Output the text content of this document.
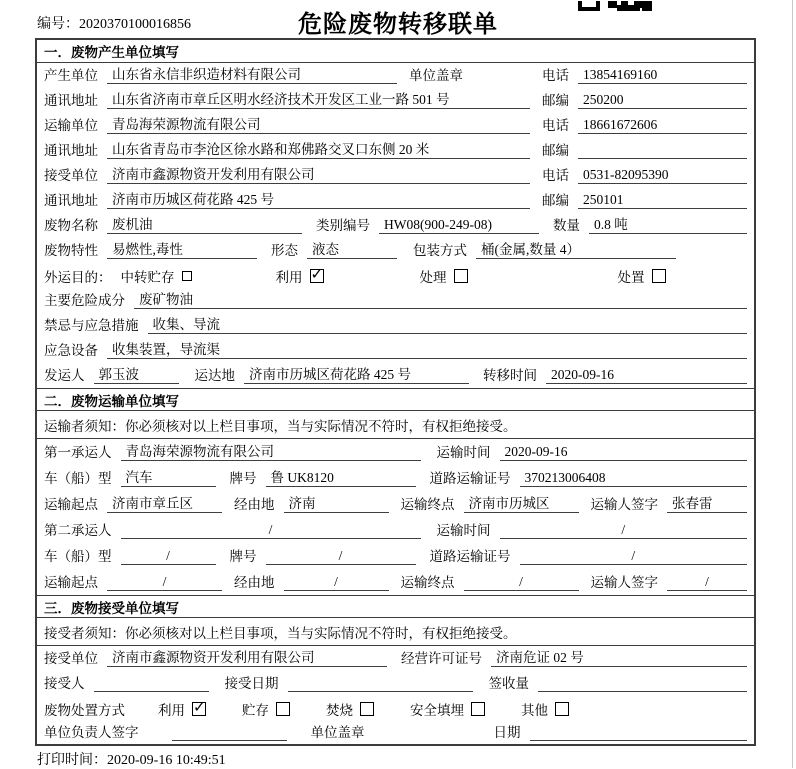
编号：2020370100016856	危险废物转移联单
一．废物产生单位填写
产生单位	山东省永信非织造材料有限公司	单位盖章	电话	13854169160
通讯地址	山东省济南市章丘区明水经济技术开发区工业一路 501 号	邮编	250200
运输单位	青岛海荣源物流有限公司	电话	18661672606
通讯地址	山东省青岛市李沧区徐水路和郑佛路交叉口东侧 20 米	邮编
接受单位	济南市鑫源物资开发利用有限公司	电话	0531-82095390
通讯地址	济南市历城区荷花路 425 号	邮编	250101
废物名称	废机油	类别编号	HW08(900-249-08)	数量	0.8 吨
废物特性	易燃性,毒性	形态	液态	包装方式	桶(金属,数量 4）
外运目的： 中转贮存	利用 ✓	处理	处置
主要危险成分	废矿物油
禁忌与应急措施	收集、导流
应急设备	收集装置，导流渠
发运人	郭玉波	运达地	济南市历城区荷花路 425 号	转移时间	2020-09-16
二．废物运输单位填写
运输者须知： 你必须核对以上栏目事项，当与实际情况不符时，有权拒绝接受。
第一承运人	青岛海荣源物流有限公司	运输时间	2020-09-16
车（船）型	汽车	牌号	鲁 UK8120	道路运输证号	370213006408
运输起点	济南市章丘区	经由地	济南	运输终点	济南市历城区	运输人签字	张春雷
第二承运人	/	运输时间	/
车（船）型	/	牌号	/	道路运输证号	/
运输起点	/	经由地	/	运输终点	/	运输人签字	/
三．废物接受单位填写
接受者须知： 你必须核对以上栏目事项，当与实际情况不符时，有权拒绝接受。
接受单位	济南市鑫源物资开发利用有限公司	经营许可证号	济南危证 02 号
接受人	接受日期	签收量
废物处置方式 利用 ✓	贮存	焚烧	安全填埋	其他
单位负责人签字	单位盖章	日期
打印时间：2020-09-16 10:49:51
